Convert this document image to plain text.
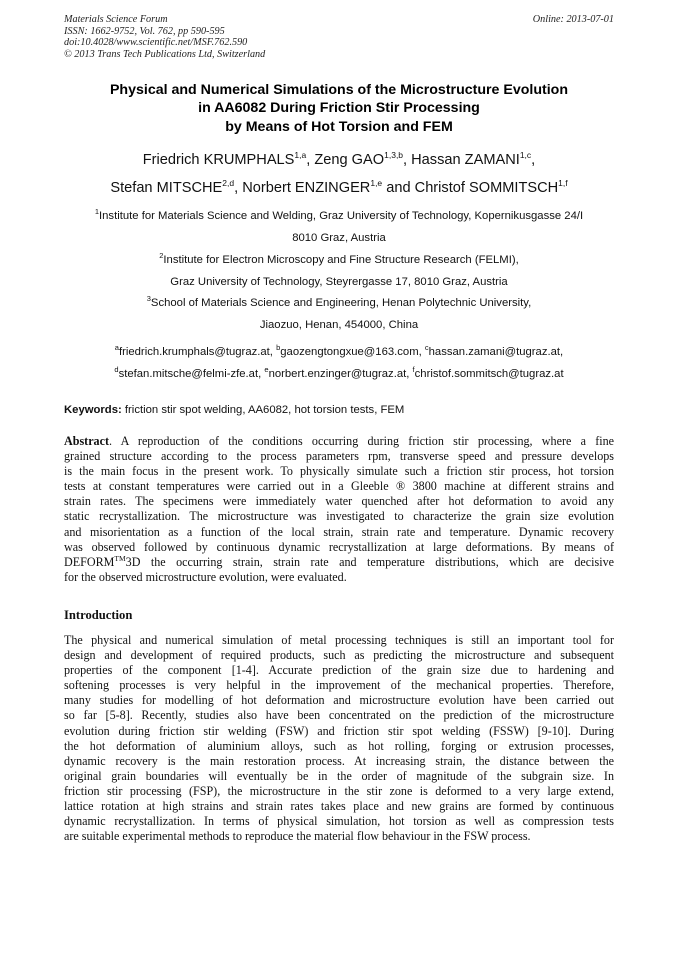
Materials Science Forum
ISSN: 1662-9752, Vol. 762, pp 590-595
doi:10.4028/www.scientific.net/MSF.762.590
© 2013 Trans Tech Publications Ltd, Switzerland
Online: 2013-07-01
Physical and Numerical Simulations of the Microstructure Evolution
in AA6082 During Friction Stir Processing
by Means of Hot Torsion and FEM
Friedrich KRUMPHALS$^{1,a}$, Zeng GAO$^{1,3,b}$, Hassan ZAMANI$^{1,c}$,
Stefan MITSCHE$^{2,d}$, Norbert ENZINGER$^{1,e}$ and Christof SOMMITSCH$^{1,f}$
$^1$Institute for Materials Science and Welding, Graz University of Technology, Kopernikusgasse 24/I
8010 Graz, Austria
$^2$Institute for Electron Microscopy and Fine Structure Research (FELMI),
Graz University of Technology, Steyrergasse 17, 8010 Graz, Austria
$^3$School of Materials Science and Engineering, Henan Polytechnic University,
Jiaozuo, Henan, 454000, China
$^a$friedrich.krumphals@tugraz.at, $^b$gaozengtongxue@163.com, $^c$hassan.zamani@tugraz.at,
$^d$stefan.mitsche@felmi-zfe.at, $^e$norbert.enzinger@tugraz.at, $^f$christof.sommitsch@tugraz.at
Keywords: friction stir spot welding, AA6082, hot torsion tests, FEM
Abstract. A reproduction of the conditions occurring during friction stir processing, where a fine
grained structure according to the process parameters rpm, transverse speed and pressure develops
is the main focus in the present work. To physically simulate such a friction stir process, hot torsion
tests at constant temperatures were carried out in a Gleeble ® 3800 machine at different strains and
strain rates. The specimens were immediately water quenched after hot deformation to avoid any
static recrystallization. The microstructure was investigated to characterize the grain size evolution
and misorientation as a function of the local strain, strain rate and temperature. Dynamic recovery
was observed followed by continuous dynamic recrystallization at large deformations. By means of
DEFORM™3D the occurring strain, strain rate and temperature distributions, which are decisive
for the observed microstructure evolution, were evaluated.
Introduction
The physical and numerical simulation of metal processing techniques is still an important tool for
design and development of required products, such as predicting the microstructure and subsequent
properties of the component [1-4]. Accurate prediction of the grain size due to hardening and
softening processes is very helpful in the improvement of the mechanical properties. Therefore,
many studies for modelling of hot deformation and microstructure evolution have been carried out
so far [5-8]. Recently, studies also have been concentrated on the prediction of the microstructure
evolution during friction stir welding (FSW) and friction stir spot welding (FSSW) [9-10]. During
the hot deformation of aluminium alloys, such as hot rolling, forging or extrusion processes,
dynamic recovery is the main restoration process. At increasing strain, the distance between the
original grain boundaries will eventually be in the order of magnitude of the subgrain size. In
friction stir processing (FSP), the microstructure in the stir zone is deformed to a very large extend,
lattice rotation at high strains and strain rates takes place and new grains are formed by continuous
dynamic recrystallization. In terms of physical simulation, hot torsion as well as compression tests
are suitable experimental methods to reproduce the material flow behaviour in the FSW process.
